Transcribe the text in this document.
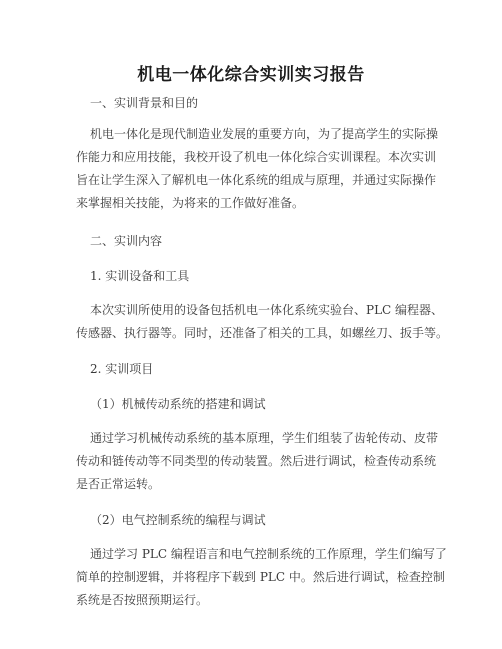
机电一体化综合实训实习报告
一、实训背景和目的
机电一体化是现代制造业发展的重要方向，为了提高学生的实际操
作能力和应用技能，我校开设了机电一体化综合实训课程。本次实训
旨在让学生深入了解机电一体化系统的组成与原理，并通过实际操作
来掌握相关技能，为将来的工作做好准备。
二、实训内容
1. 实训设备和工具
本次实训所使用的设备包括机电一体化系统实验台、PLC 编程器、
传感器、执行器等。同时，还准备了相关的工具，如螺丝刀、扳手等。
2. 实训项目
（1）机械传动系统的搭建和调试
通过学习机械传动系统的基本原理，学生们组装了齿轮传动、皮带
传动和链传动等不同类型的传动装置。然后进行调试，检查传动系统
是否正常运转。
（2）电气控制系统的编程与调试
通过学习 PLC 编程语言和电气控制系统的工作原理，学生们编写了
简单的控制逻辑，并将程序下载到 PLC 中。然后进行调试，检查控制
系统是否按照预期运行。
